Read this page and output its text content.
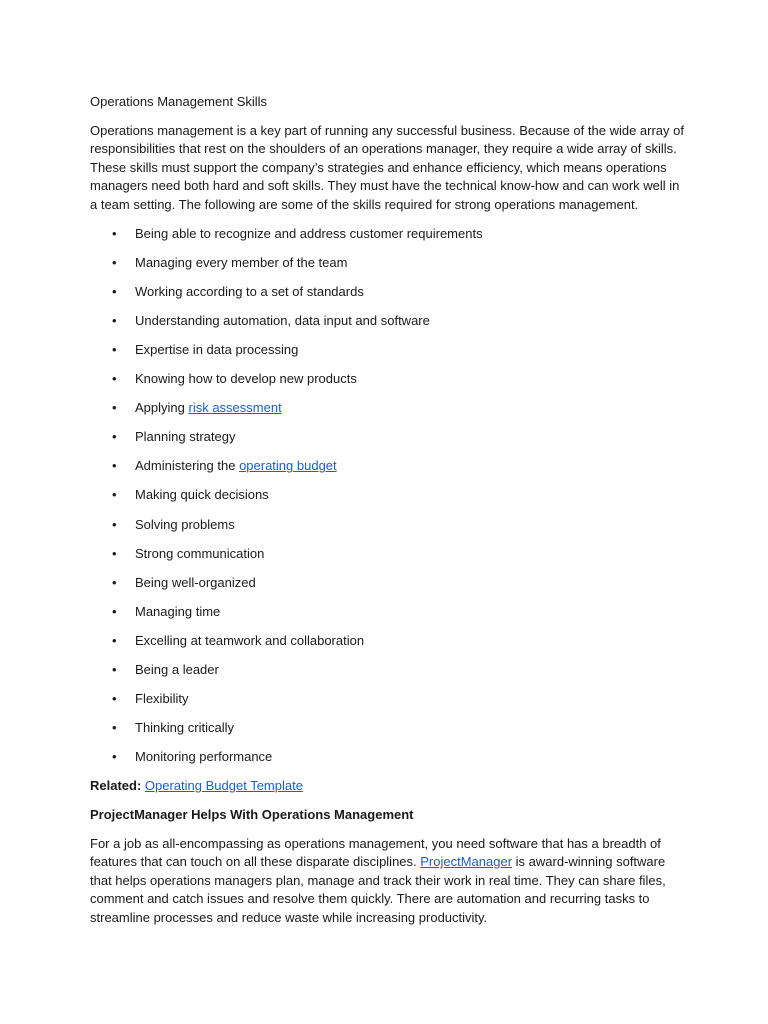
Operations Management Skills

Operations management is a key part of running any successful business. Because of the wide array of responsibilities that rest on the shoulders of an operations manager, they require a wide array of skills. These skills must support the company’s strategies and enhance efficiency, which means operations managers need both hard and soft skills. They must have the technical know-how and can work well in a team setting. The following are some of the skills required for strong operations management.

• Being able to recognize and address customer requirements
• Managing every member of the team
• Working according to a set of standards
• Understanding automation, data input and software
• Expertise in data processing
• Knowing how to develop new products
• Applying risk assessment
• Planning strategy
• Administering the operating budget
• Making quick decisions
• Solving problems
• Strong communication
• Being well-organized
• Managing time
• Excelling at teamwork and collaboration
• Being a leader
• Flexibility
• Thinking critically
• Monitoring performance

Related: Operating Budget Template

ProjectManager Helps With Operations Management

For a job as all-encompassing as operations management, you need software that has a breadth of features that can touch on all these disparate disciplines. ProjectManager is award-winning software that helps operations managers plan, manage and track their work in real time. They can share files, comment and catch issues and resolve them quickly. There are automation and recurring tasks to streamline processes and reduce waste while increasing productivity.
